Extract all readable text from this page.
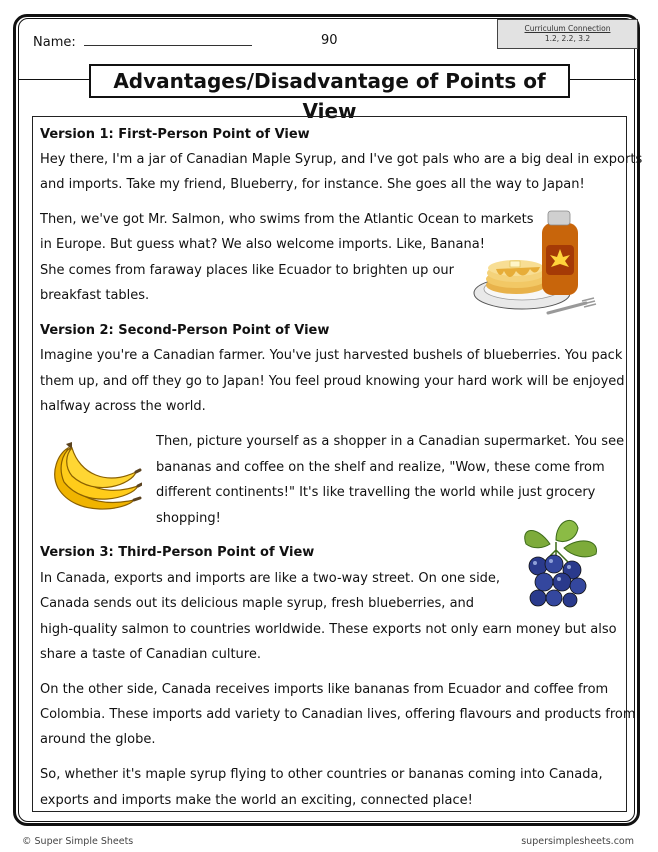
Name:	90
Curriculum Connection
1.2, 2.2, 3.2
Advantages/Disadvantage of Points of View
Version 1: First-Person Point of View
Hey there, I'm a jar of Canadian Maple Syrup, and I've got pals who are a big deal in exports
and imports. Take my friend, Blueberry, for instance. She goes all the way to Japan!
Then, we've got Mr. Salmon, who swims from the Atlantic Ocean to markets
in Europe. But guess what? We also welcome imports. Like, Banana!
She comes from faraway places like Ecuador to brighten up our
breakfast tables.
Version 2: Second-Person Point of View
Imagine you're a Canadian farmer. You've just harvested bushels of blueberries. You pack
them up, and off they go to Japan! You feel proud knowing your hard work will be enjoyed
halfway across the world.
Then, picture yourself as a shopper in a Canadian supermarket. You see
bananas and coffee on the shelf and realize, "Wow, these come from
different continents!" It's like travelling the world while just grocery
shopping!
Version 3: Third-Person Point of View
In Canada, exports and imports are like a two-way street. On one side,
Canada sends out its delicious maple syrup, fresh blueberries, and
high-quality salmon to countries worldwide. These exports not only earn money but also
share a taste of Canadian culture.
On the other side, Canada receives imports like bananas from Ecuador and coffee from
Colombia. These imports add variety to Canadian lives, offering flavours and products from
around the globe.
So, whether it's maple syrup flying to other countries or bananas coming into Canada,
exports and imports make the world an exciting, connected place!
© Super Simple Sheets	supersimplesheets.com
